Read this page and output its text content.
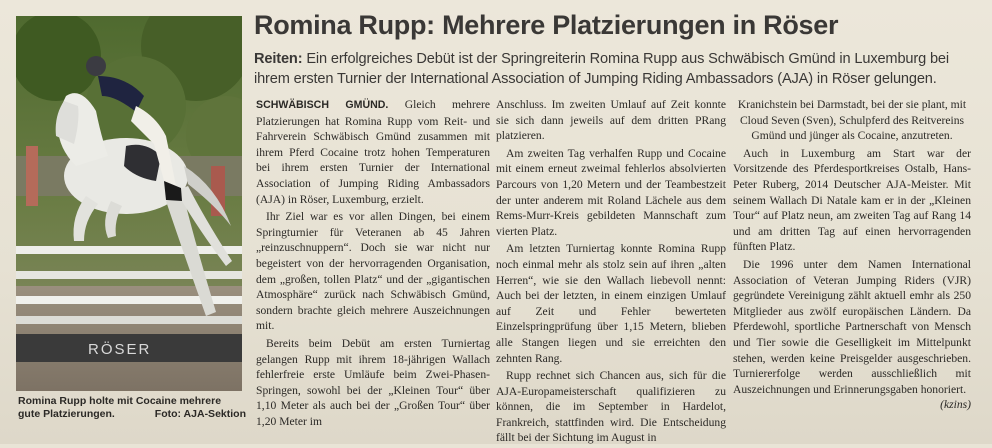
RÖSER
Romina Rupp holte mit Cocaine mehrere gute Platzierungen.	Foto: AJA-Sektion
Romina Rupp: Mehrere Platzierungen in Röser
Reiten: Ein erfolgreiches Debüt ist der Springreiterin Romina Rupp aus Schwäbisch Gmünd in Luxemburg bei ihrem ersten Turnier der International Association of Jumping Riding Ambassadors (AJA) in Röser gelungen.

SCHWÄBISCH GMÜND. Gleich mehrere Platzierungen hat Romina Rupp vom Reit- und Fahrverein Schwäbisch Gmünd zusammen mit ihrem Pferd Cocaine trotz hohen Temperaturen bei ihrem ersten Turnier der International Association of Jumping Riding Ambassadors (AJA) in Röser, Luxemburg, erzielt.

Ihr Ziel war es vor allen Dingen, bei einem Springturnier für Veteranen ab 45 Jahren „reinzuschnuppern“. Doch sie war nicht nur begeistert von der hervorragenden Organisation, dem „großen, tollen Platz“ und der „gigantischen Atmosphäre“ zurück nach Schwäbisch Gmünd, sondern brachte gleich mehrere Auszeichnungen mit.

Bereits beim Debüt am ersten Turniertag gelangen Rupp mit ihrem 18-jährigen Wallach fehlerfreie erste Umläufe beim Zwei-Phasen-Springen, sowohl bei der „Kleinen Tour“ über 1,10 Meter als auch bei der „Großen Tour“ über 1,20 Meter im

Anschluss. Im zweiten Umlauf auf Zeit konnte sie sich dann jeweils auf dem dritten PRang platzieren.

Am zweiten Tag verhalfen Rupp und Cocaine mit einem erneut zweimal fehlerlos absolvierten Parcours von 1,20 Metern und der Teambestzeit der unter anderem mit Roland Lächele aus dem Rems-Murr-Kreis gebildeten Mannschaft zum vierten Platz.

Am letzten Turniertag konnte Romina Rupp noch einmal mehr als stolz sein auf ihren „alten Herren“, wie sie den Wallach liebevoll nennt: Auch bei der letzten, in einem einzigen Umlauf auf Zeit und Fehler bewerteten Einzelspringprüfung über 1,15 Metern, blieben alle Stangen liegen und sie erreichten den zehnten Rang.

Rupp rechnet sich Chancen aus, sich für die AJA-Europameisterschaft qualifizieren zu können, die im September in Hardelot, Frankreich, stattfinden wird. Die Entscheidung fällt bei der Sichtung im August in

Kranichstein bei Darmstadt, bei der sie plant, mit Cloud Seven (Sven), Schulpferd des Reitvereins Gmünd und jünger als Cocaine, anzutreten.

Auch in Luxemburg am Start war der Vorsitzende des Pferdesportkreises Ostalb, Hans-Peter Ruberg, 2014 Deutscher AJA-Meister. Mit seinem Wallach Di Natale kam er in der „Kleinen Tour“ auf Platz neun, am zweiten Tag auf Rang 14 und am dritten Tag auf einen hervorragenden fünften Platz.

Die 1996 unter dem Namen International Association of Veteran Jumping Riders (VJR) gegründete Vereinigung zählt aktuell emhr als 250 Mitglieder aus zwölf europäischen Ländern. Da Pferdewohl, sportliche Partnerschaft von Mensch und Tier sowie die Geselligkeit im Mittelpunkt stehen, werden keine Preisgelder ausgeschrieben. Turniererfolge werden ausschließlich mit Auszeichnungen und Erinnerungsgaben honoriert.
(kzins)
